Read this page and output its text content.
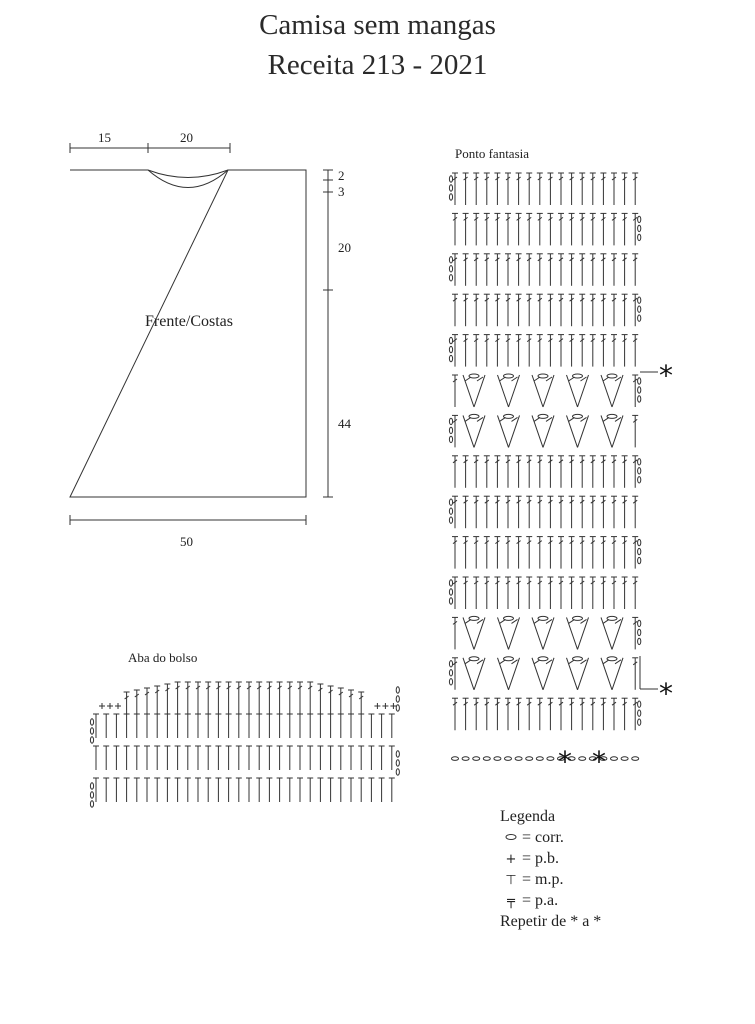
Camisa sem mangas
Receita 213 - 2021
15	20
2
3
20
44
50
Frente/Costas
Ponto fantasia
Aba do bolso
*
*
* *
Legenda
= corr.
+ = p.b.
⊤ = m.p.
╤ = p.a.
Repetir de * a *
